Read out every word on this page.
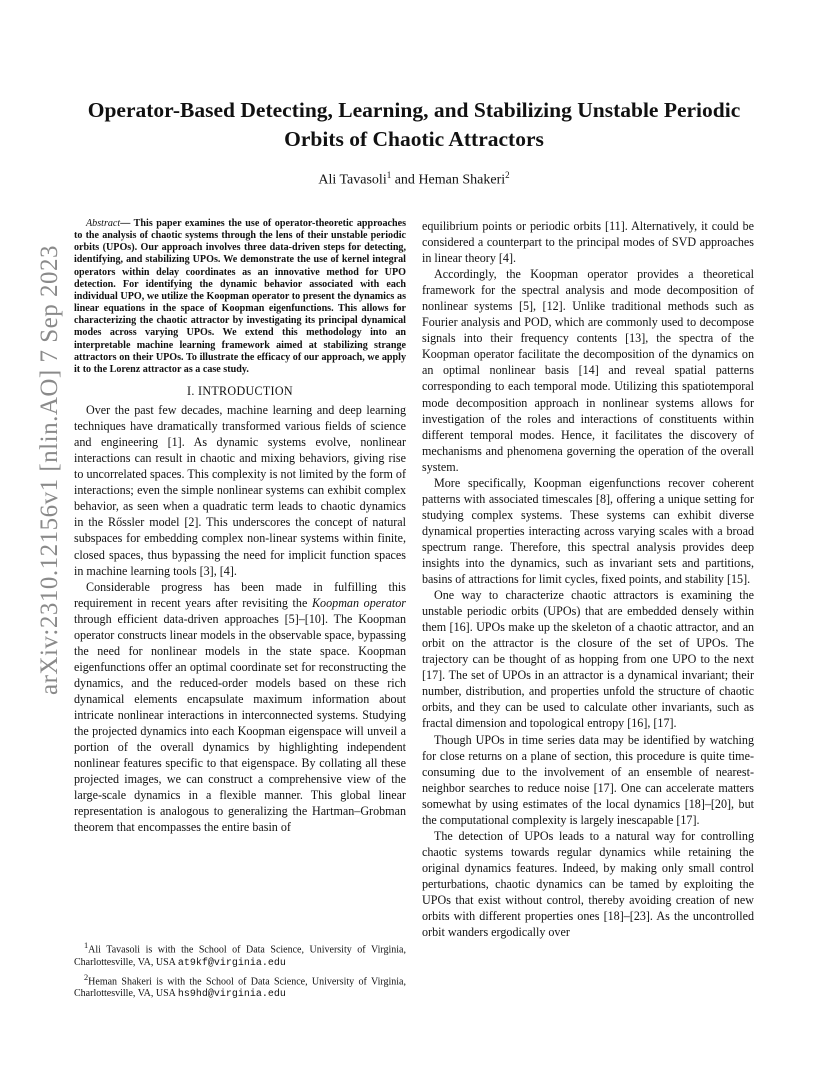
Operator-Based Detecting, Learning, and Stabilizing Unstable Periodic Orbits of Chaotic Attractors
Ali Tavasoli$^1$ and Heman Shakeri$^2$
arXiv:2310.12156v1 [nlin.AO] 7 Sep 2023

Abstract— This paper examines the use of operator-theoretic approaches to the analysis of chaotic systems through the lens of their unstable periodic orbits (UPOs). Our approach involves three data-driven steps for detecting, identifying, and stabilizing UPOs. We demonstrate the use of kernel integral operators within delay coordinates as an innovative method for UPO detection. For identifying the dynamic behavior associated with each individual UPO, we utilize the Koopman operator to present the dynamics as linear equations in the space of Koopman eigenfunctions. This allows for characterizing the chaotic attractor by investigating its principal dynamical modes across varying UPOs. We extend this methodology into an interpretable machine learning framework aimed at stabilizing strange attractors on their UPOs. To illustrate the efficacy of our approach, we apply it to the Lorenz attractor as a case study.

I. INTRODUCTION

Over the past few decades, machine learning and deep learning techniques have dramatically transformed various fields of science and engineering [1]. As dynamic systems evolve, nonlinear interactions can result in chaotic and mixing behaviors, giving rise to uncorrelated spaces. This complexity is not limited by the form of interactions; even the simple nonlinear systems can exhibit complex behavior, as seen when a quadratic term leads to chaotic dynamics in the Rőssler model [2]. This underscores the concept of natural subspaces for embedding complex non-linear systems within finite, closed spaces, thus bypassing the need for implicit function spaces in machine learning tools [3], [4].

Considerable progress has been made in fulfilling this requirement in recent years after revisiting the Koopman operator through efficient data-driven approaches [5]–[10]. The Koopman operator constructs linear models in the observable space, bypassing the need for nonlinear models in the state space. Koopman eigenfunctions offer an optimal coordinate set for reconstructing the dynamics, and the reduced-order models based on these rich dynamical elements encapsulate maximum information about intricate nonlinear interactions in interconnected systems. Studying the projected dynamics into each Koopman eigenspace will unveil a portion of the overall dynamics by highlighting independent nonlinear features specific to that eigenspace. By collating all these projected images, we can construct a comprehensive view of the large-scale dynamics in a flexible manner. This global linear representation is analogous to generalizing the Hartman–Grobman theorem that encompasses the entire basin of

$^1$Ali Tavasoli is with the School of Data Science, University of Virginia, Charlottesville, VA, USA at9kf@virginia.edu

$^2$Heman Shakeri is with the School of Data Science, University of Virginia, Charlottesville, VA, USA hs9hd@virginia.edu

equilibrium points or periodic orbits [11]. Alternatively, it could be considered a counterpart to the principal modes of SVD approaches in linear theory [4].

Accordingly, the Koopman operator provides a theoretical framework for the spectral analysis and mode decomposition of nonlinear systems [5], [12]. Unlike traditional methods such as Fourier analysis and POD, which are commonly used to decompose signals into their frequency contents [13], the spectra of the Koopman operator facilitate the decomposition of the dynamics on an optimal nonlinear basis [14] and reveal spatial patterns corresponding to each temporal mode. Utilizing this spatiotemporal mode decomposition approach in nonlinear systems allows for investigation of the roles and interactions of constituents within different temporal modes. Hence, it facilitates the discovery of mechanisms and phenomena governing the operation of the overall system.

More specifically, Koopman eigenfunctions recover coherent patterns with associated timescales [8], offering a unique setting for studying complex systems. These systems can exhibit diverse dynamical properties interacting across varying scales with a broad spectrum range. Therefore, this spectral analysis provides deep insights into the dynamics, such as invariant sets and partitions, basins of attractions for limit cycles, fixed points, and stability [15].

One way to characterize chaotic attractors is examining the unstable periodic orbits (UPOs) that are embedded densely within them [16]. UPOs make up the skeleton of a chaotic attractor, and an orbit on the attractor is the closure of the set of UPOs. The trajectory can be thought of as hopping from one UPO to the next [17]. The set of UPOs in an attractor is a dynamical invariant; their number, distribution, and properties unfold the structure of chaotic orbits, and they can be used to calculate other invariants, such as fractal dimension and topological entropy [16], [17].

Though UPOs in time series data may be identified by watching for close returns on a plane of section, this procedure is quite time-consuming due to the involvement of an ensemble of nearest-neighbor searches to reduce noise [17]. One can accelerate matters somewhat by using estimates of the local dynamics [18]–[20], but the computational complexity is largely inescapable [17].

The detection of UPOs leads to a natural way for controlling chaotic systems towards regular dynamics while retaining the original dynamics features. Indeed, by making only small control perturbations, chaotic dynamics can be tamed by exploiting the UPOs that exist without control, thereby avoiding creation of new orbits with different properties ones [18]–[23]. As the uncontrolled orbit wanders ergodically over
